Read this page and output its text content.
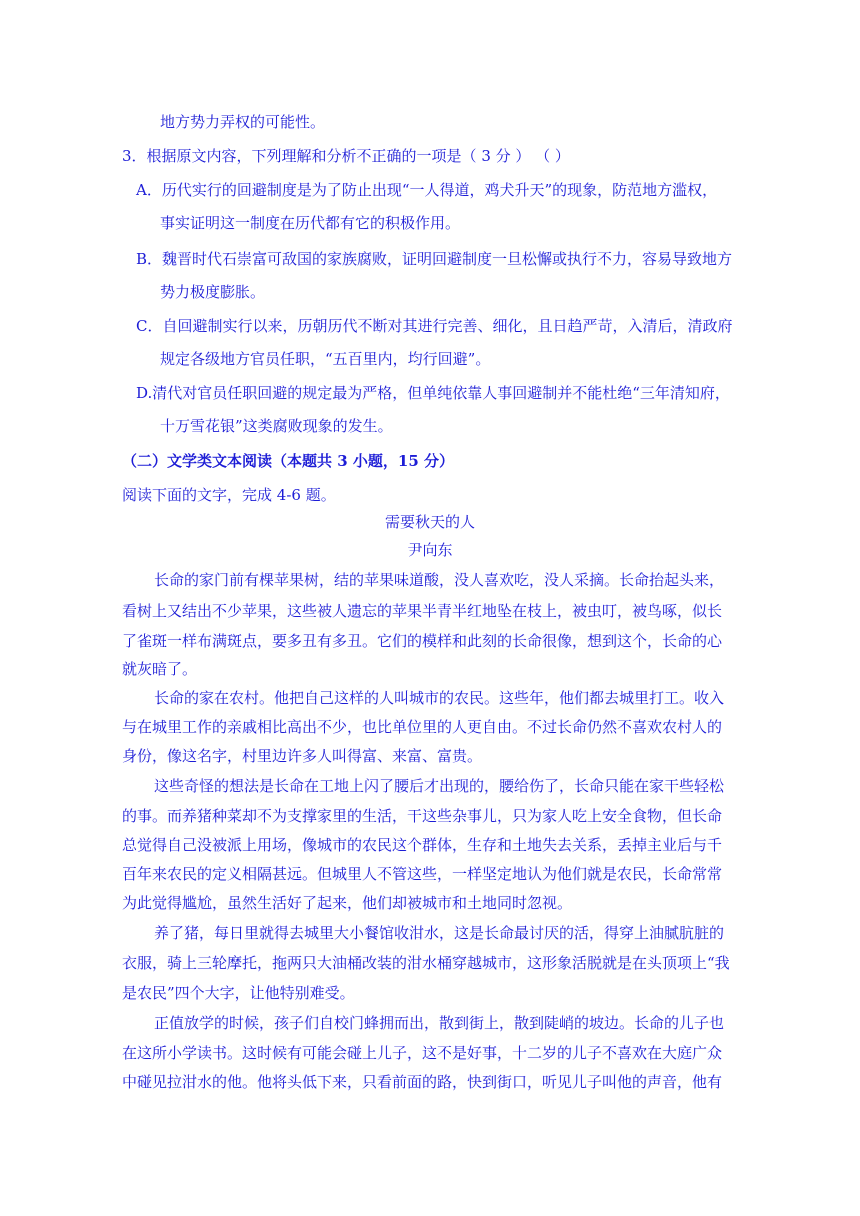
地方势力弄权的可能性。
3．根据原文内容，下列理解和分析不正确的一项是（ 3 分 ） （ ）
A．历代实行的回避制度是为了防止出现“一人得道，鸡犬升天”的现象，防范地方滥权，
事实证明这一制度在历代都有它的积极作用。
B．魏晋时代石崇富可敌国的家族腐败，证明回避制度一旦松懈或执行不力，容易导致地方
势力极度膨胀。
C．自回避制实行以来，历朝历代不断对其进行完善、细化，且日趋严苛，入清后，清政府
规定各级地方官员任职，“五百里内，均行回避”。
D.清代对官员任职回避的规定最为严格，但单纯依靠人事回避制并不能杜绝“三年清知府，
十万雪花银”这类腐败现象的发生。
（二）文学类文本阅读（本题共 3 小题，15 分）
阅读下面的文字，完成 4-6 题。
需要秋天的人
尹向东
长命的家门前有棵苹果树，结的苹果味道酸，没人喜欢吃，没人采摘。长命抬起头来，
看树上又结出不少苹果，这些被人遗忘的苹果半青半红地坠在枝上，被虫叮，被鸟啄，似长
了雀斑一样布满斑点，要多丑有多丑。它们的模样和此刻的长命很像，想到这个，长命的心
就灰暗了。
长命的家在农村。他把自己这样的人叫城市的农民。这些年，他们都去城里打工。收入
与在城里工作的亲戚相比高出不少，也比单位里的人更自由。不过长命仍然不喜欢农村人的
身份，像这名字，村里边许多人叫得富、来富、富贵。
这些奇怪的想法是长命在工地上闪了腰后才出现的，腰给伤了，长命只能在家干些轻松
的事。而养猪种菜却不为支撑家里的生活，干这些杂事儿，只为家人吃上安全食物，但长命
总觉得自己没被派上用场，像城市的农民这个群体，生存和土地失去关系，丢掉主业后与千
百年来农民的定义相隔甚远。但城里人不管这些，一样坚定地认为他们就是农民，长命常常
为此觉得尴尬，虽然生活好了起来，他们却被城市和土地同时忽视。
养了猪，每日里就得去城里大小餐馆收泔水，这是长命最讨厌的活，得穿上油腻肮脏的
衣服，骑上三轮摩托，拖两只大油桶改装的泔水桶穿越城市，这形象活脱就是在头顶项上“我
是农民”四个大字，让他特别难受。
正值放学的时候，孩子们自校门蜂拥而出，散到街上，散到陡峭的坡边。长命的儿子也
在这所小学读书。这时候有可能会碰上儿子，这不是好事，十二岁的儿子不喜欢在大庭广众
中碰见拉泔水的他。他将头低下来，只看前面的路，快到街口，听见儿子叫他的声音，他有
